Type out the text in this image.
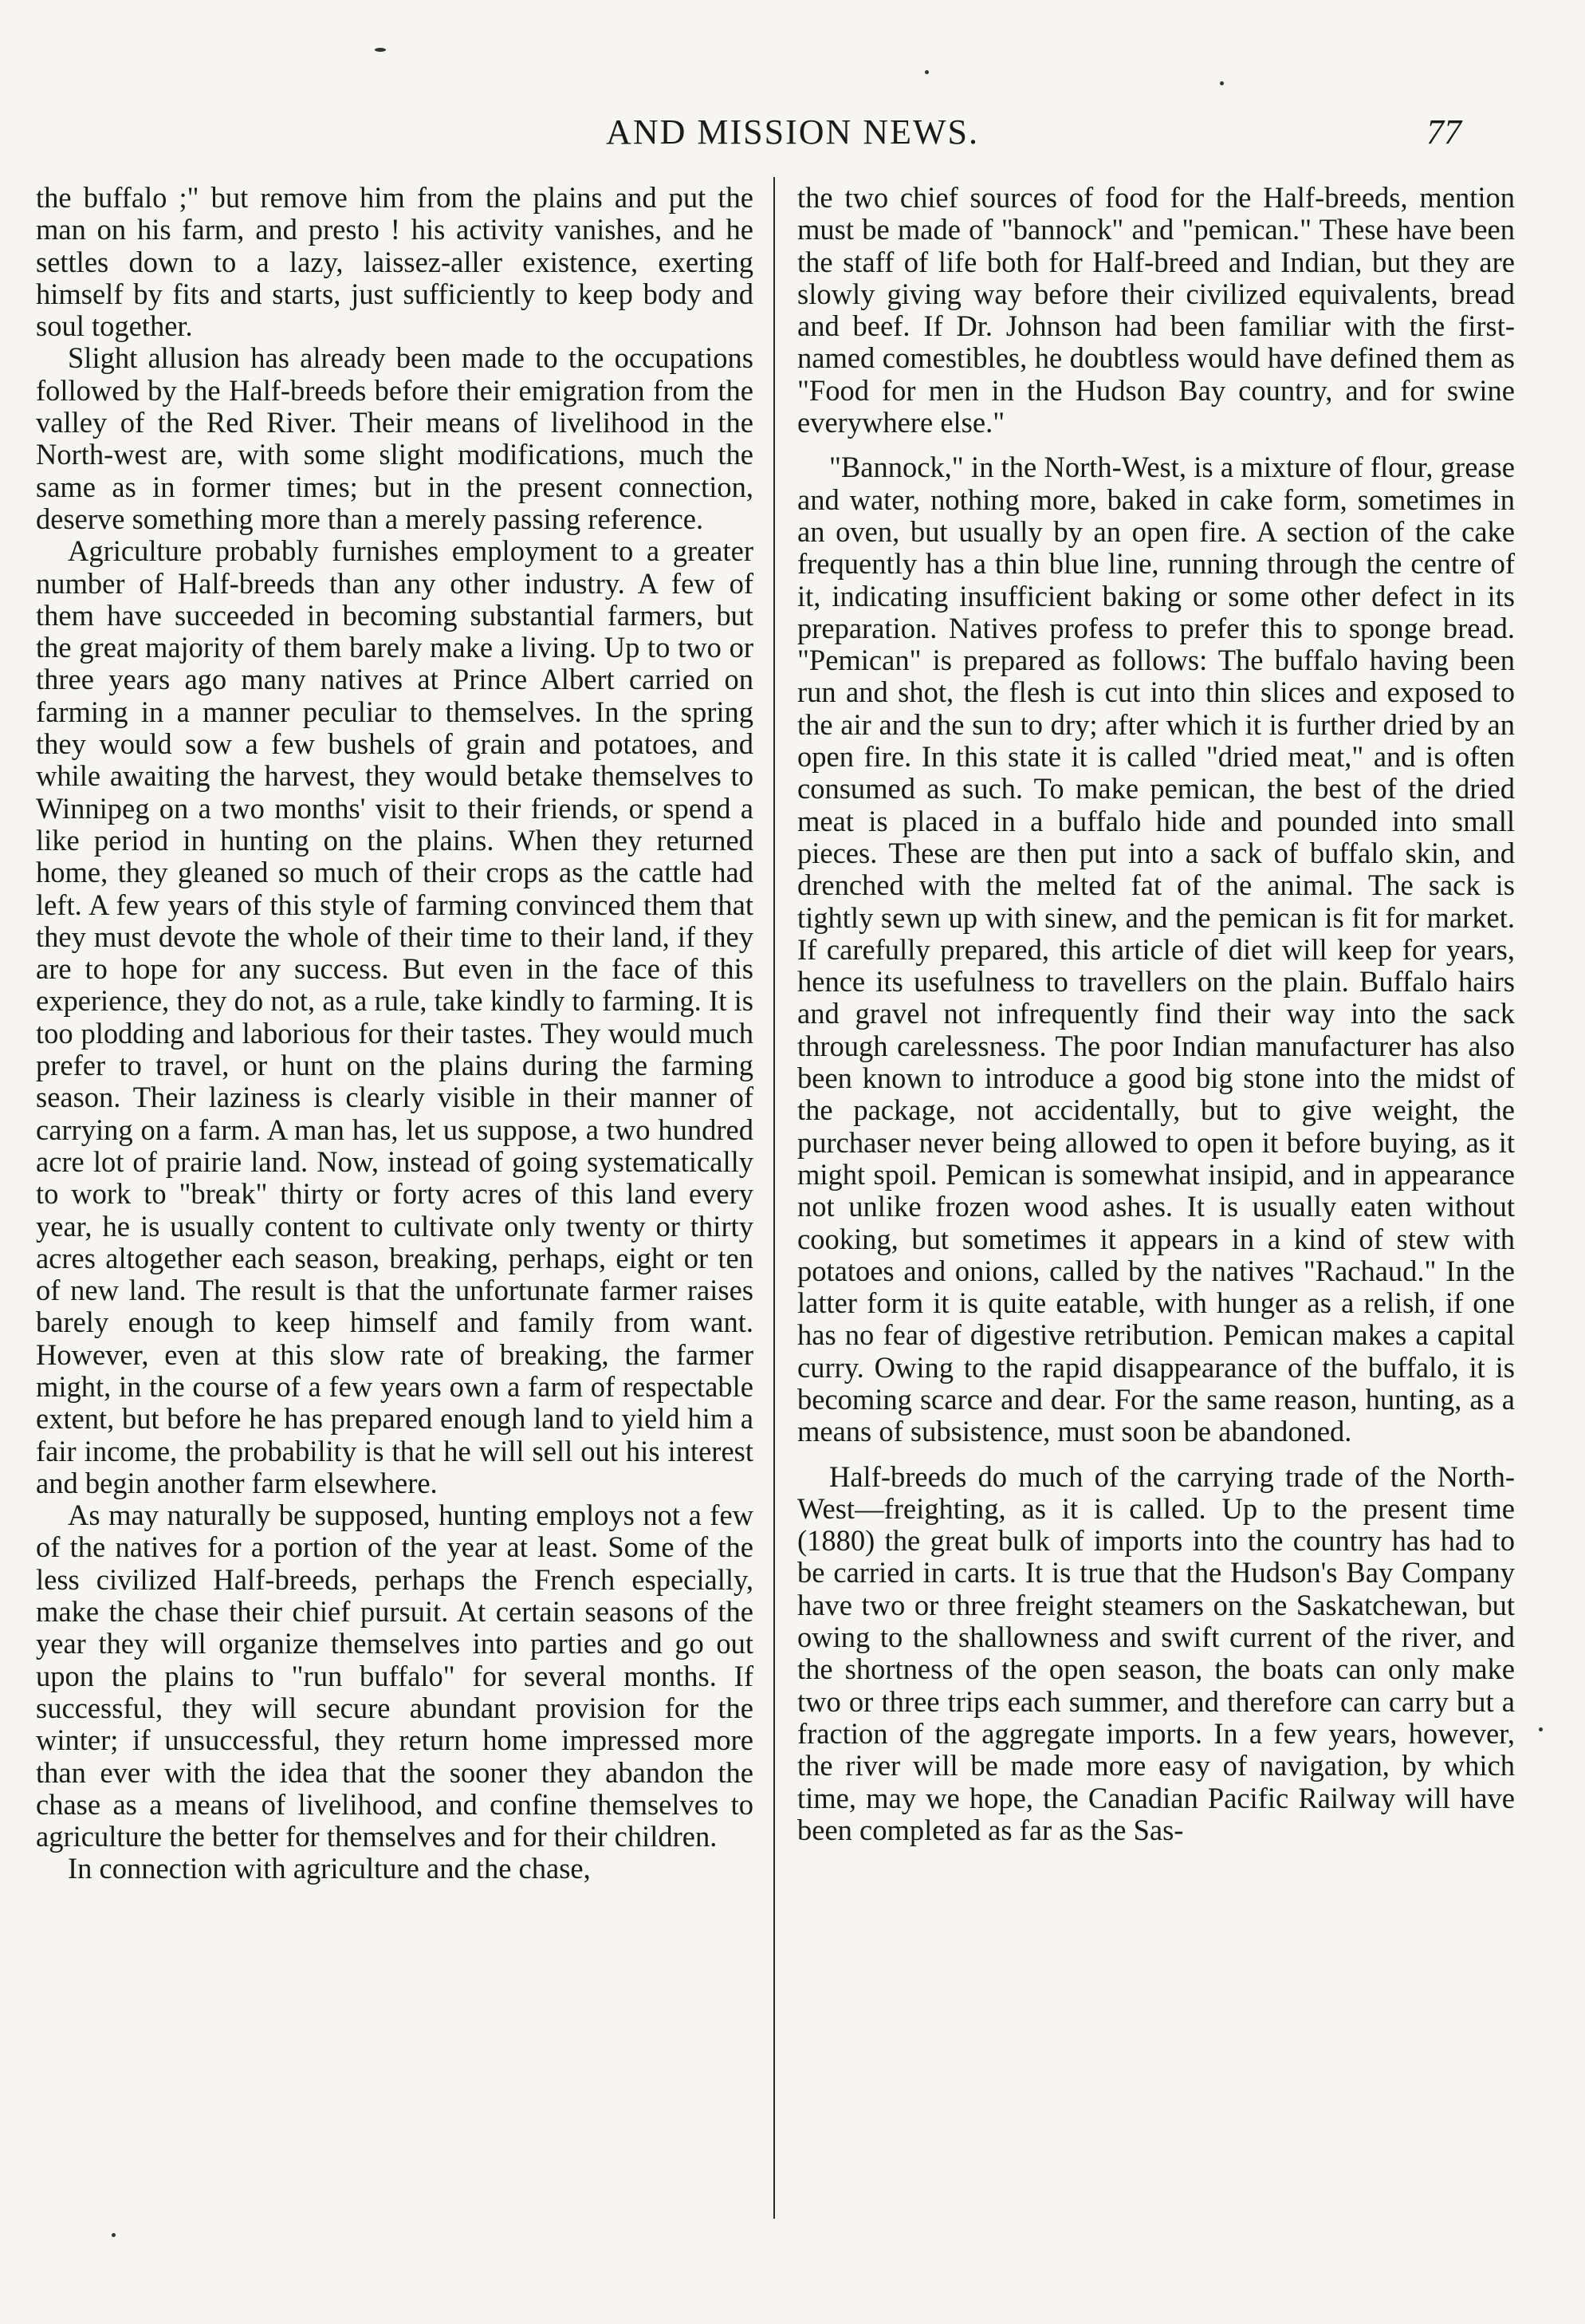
AND MISSION NEWS.	77

the buffalo ;" but remove him from the plains and put the man on his farm, and presto ! his activity vanishes, and he settles down to a lazy, laissez-aller existence, exerting himself by fits and starts, just sufficiently to keep body and soul together.

Slight allusion has already been made to the occupations followed by the Half-breeds before their emigration from the valley of the Red River. Their means of livelihood in the North-west are, with some slight modifications, much the same as in former times; but in the present connection, deserve something more than a merely passing reference.

Agriculture probably furnishes employment to a greater number of Half-breeds than any other industry. A few of them have succeeded in becoming substantial farmers, but the great majority of them barely make a living. Up to two or three years ago many natives at Prince Albert carried on farming in a manner peculiar to themselves. In the spring they would sow a few bushels of grain and potatoes, and while awaiting the harvest, they would betake themselves to Winnipeg on a two months' visit to their friends, or spend a like period in hunting on the plains. When they returned home, they gleaned so much of their crops as the cattle had left. A few years of this style of farming convinced them that they must devote the whole of their time to their land, if they are to hope for any success. But even in the face of this experience, they do not, as a rule, take kindly to farming. It is too plodding and laborious for their tastes. They would much prefer to travel, or hunt on the plains during the farming season. Their laziness is clearly visible in their manner of carrying on a farm. A man has, let us suppose, a two hundred acre lot of prairie land. Now, instead of going systematically to work to "break" thirty or forty acres of this land every year, he is usually content to cultivate only twenty or thirty acres altogether each season, breaking, perhaps, eight or ten of new land. The result is that the unfortunate farmer raises barely enough to keep himself and family from want. However, even at this slow rate of breaking, the farmer might, in the course of a few years own a farm of respectable extent, but before he has prepared enough land to yield him a fair income, the probability is that he will sell out his interest and begin another farm elsewhere.

As may naturally be supposed, hunting employs not a few of the natives for a portion of the year at least. Some of the less civilized Half-breeds, perhaps the French especially, make the chase their chief pursuit. At certain seasons of the year they will organize themselves into parties and go out upon the plains to "run buffalo" for several months. If successful, they will secure abundant provision for the winter; if unsuccessful, they return home impressed more than ever with the idea that the sooner they abandon the chase as a means of livelihood, and confine themselves to agriculture the better for themselves and for their children.

In connection with agriculture and the chase,

the two chief sources of food for the Half-breeds, mention must be made of "bannock" and "pemican." These have been the staff of life both for Half-breed and Indian, but they are slowly giving way before their civilized equivalents, bread and beef. If Dr. Johnson had been familiar with the first-named comestibles, he doubtless would have defined them as "Food for men in the Hudson Bay country, and for swine everywhere else."

"Bannock," in the North-West, is a mixture of flour, grease and water, nothing more, baked in cake form, sometimes in an oven, but usually by an open fire. A section of the cake frequently has a thin blue line, running through the centre of it, indicating insufficient baking or some other defect in its preparation. Natives profess to prefer this to sponge bread. "Pemican" is prepared as follows: The buffalo having been run and shot, the flesh is cut into thin slices and exposed to the air and the sun to dry; after which it is further dried by an open fire. In this state it is called "dried meat," and is often consumed as such. To make pemican, the best of the dried meat is placed in a buffalo hide and pounded into small pieces. These are then put into a sack of buffalo skin, and drenched with the melted fat of the animal. The sack is tightly sewn up with sinew, and the pemican is fit for market. If carefully prepared, this article of diet will keep for years, hence its usefulness to travellers on the plain. Buffalo hairs and gravel not infrequently find their way into the sack through carelessness. The poor Indian manufacturer has also been known to introduce a good big stone into the midst of the package, not accidentally, but to give weight, the purchaser never being allowed to open it before buying, as it might spoil. Pemican is somewhat insipid, and in appearance not unlike frozen wood ashes. It is usually eaten without cooking, but sometimes it appears in a kind of stew with potatoes and onions, called by the natives "Rachaud." In the latter form it is quite eatable, with hunger as a relish, if one has no fear of digestive retribution. Pemican makes a capital curry. Owing to the rapid disappearance of the buffalo, it is becoming scarce and dear. For the same reason, hunting, as a means of subsistence, must soon be abandoned.

Half-breeds do much of the carrying trade of the North-West—freighting, as it is called. Up to the present time (1880) the great bulk of imports into the country has had to be carried in carts. It is true that the Hudson's Bay Company have two or three freight steamers on the Saskatchewan, but owing to the shallowness and swift current of the river, and the shortness of the open season, the boats can only make two or three trips each summer, and therefore can carry but a fraction of the aggregate imports. In a few years, however, the river will be made more easy of navigation, by which time, may we hope, the Canadian Pacific Railway will have been completed as far as the Sas-
